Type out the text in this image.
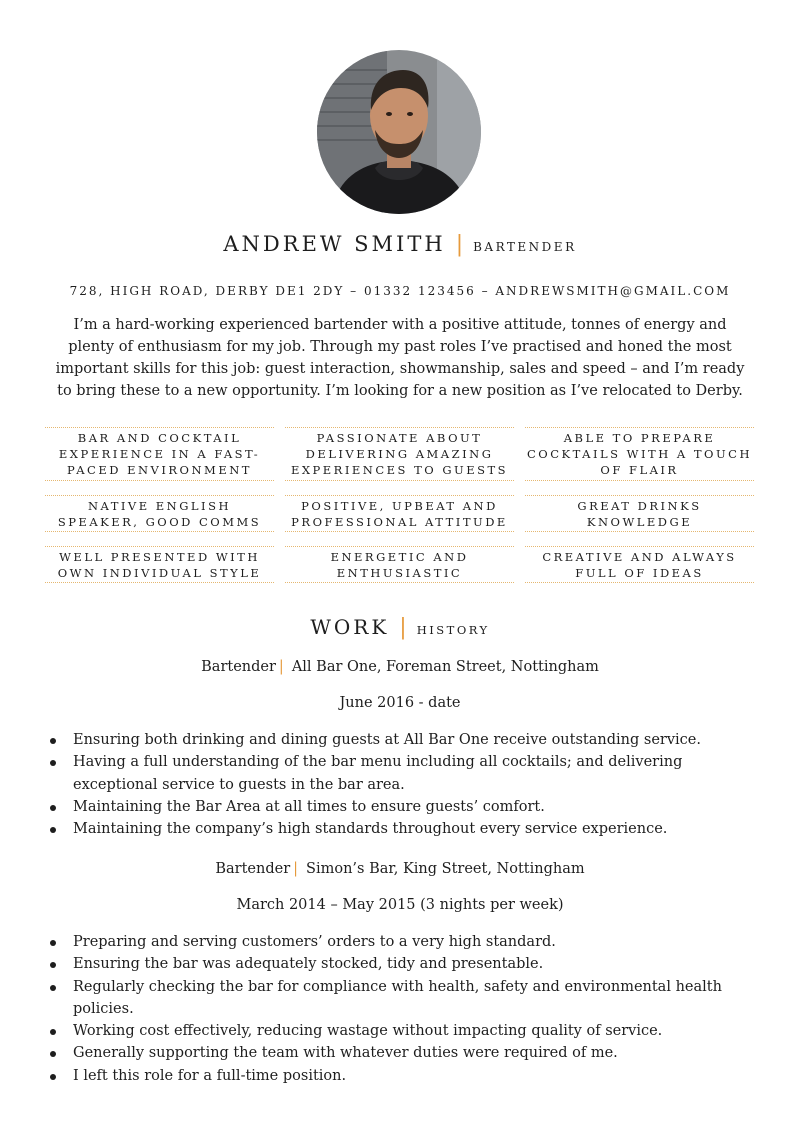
ANDREW SMITH | BARTENDER
728, HIGH ROAD, DERBY DE1 2DY – 01332 123456 – ANDREWSMITH@GMAIL.COM
I’m a hard-working experienced bartender with a positive attitude, tonnes of energy and plenty of enthusiasm for my job. Through my past roles I’ve practised and honed the most important skills for this job: guest interaction, showmanship, sales and speed – and I’m ready to bring these to a new opportunity. I’m looking for a new position as I’ve relocated to Derby.
BAR AND COCKTAIL EXPERIENCE IN A FAST-PACED ENVIRONMENT
PASSIONATE ABOUT DELIVERING AMAZING EXPERIENCES TO GUESTS
ABLE TO PREPARE COCKTAILS WITH A TOUCH OF FLAIR
NATIVE ENGLISH SPEAKER, GOOD COMMS
POSITIVE, UPBEAT AND PROFESSIONAL ATTITUDE
GREAT DRINKS KNOWLEDGE
WELL PRESENTED WITH OWN INDIVIDUAL STYLE
ENERGETIC AND ENTHUSIASTIC
CREATIVE AND ALWAYS FULL OF IDEAS
WORK | HISTORY
Bartender | All Bar One, Foreman Street, Nottingham
June 2016 - date
Ensuring both drinking and dining guests at All Bar One receive outstanding service.
Having a full understanding of the bar menu including all cocktails; and delivering exceptional service to guests in the bar area.
Maintaining the Bar Area at all times to ensure guests’ comfort.
Maintaining the company’s high standards throughout every service experience.
Bartender | Simon’s Bar, King Street, Nottingham
March 2014 – May 2015 (3 nights per week)
Preparing and serving customers’ orders to a very high standard.
Ensuring the bar was adequately stocked, tidy and presentable.
Regularly checking the bar for compliance with health, safety and environmental health policies.
Working cost effectively, reducing wastage without impacting quality of service.
Generally supporting the team with whatever duties were required of me.
I left this role for a full-time position.
